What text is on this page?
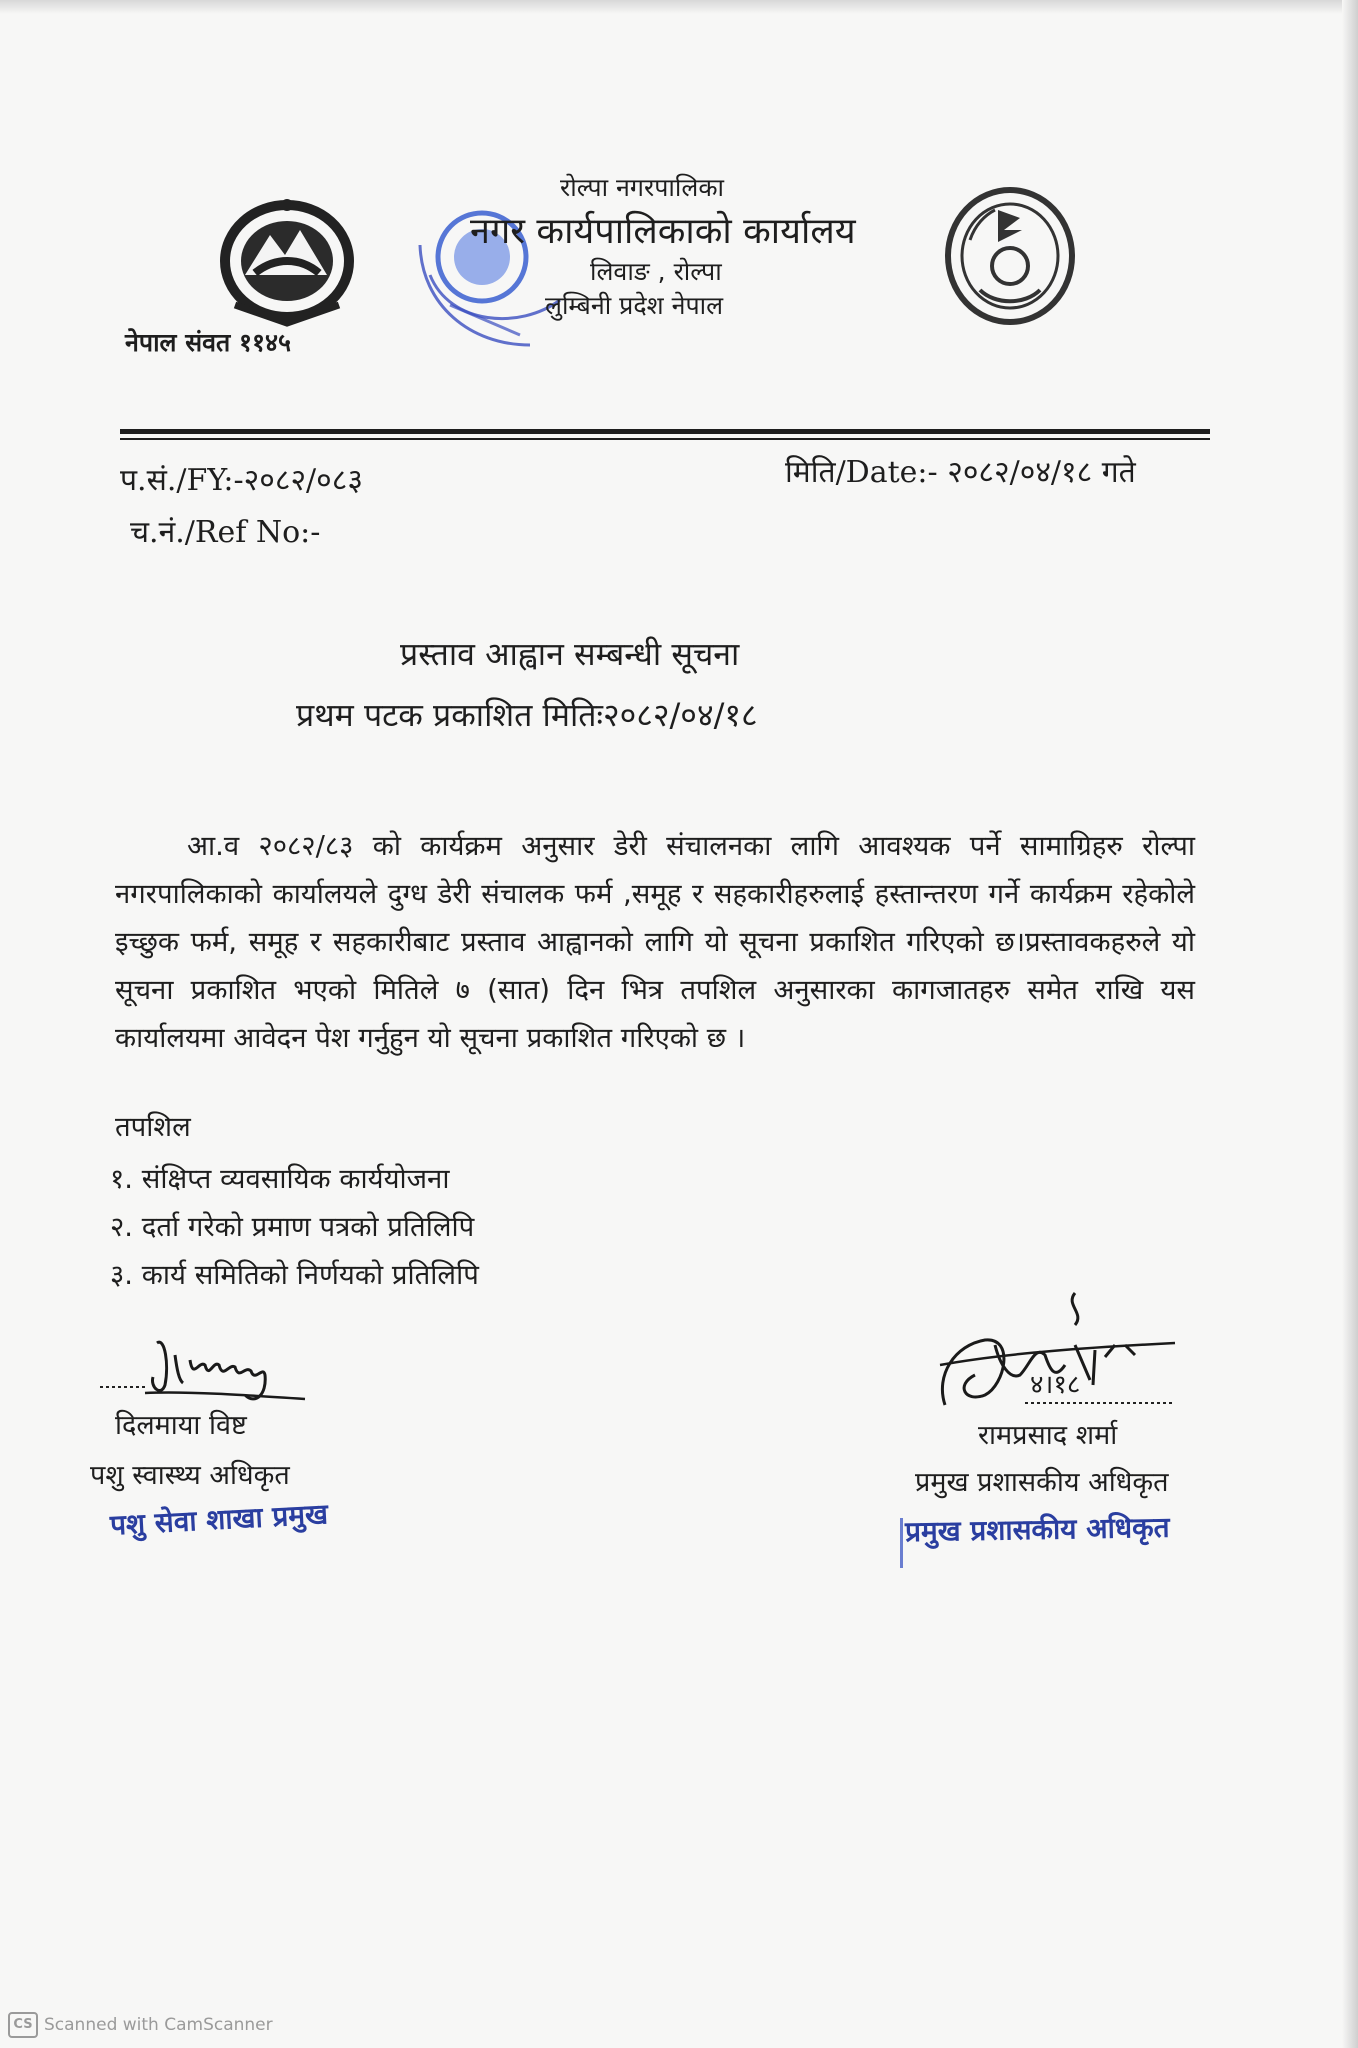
रोल्पा नगरपालिका
नगर कार्यपालिकाको कार्यालय
लिवाङ , रोल्पा
लुम्बिनी प्रदेश नेपाल
नेपाल संवत ११४५
प.सं./FY:-२०८२/०८३
च.नं./Ref No:-
मिति/Date:- २०८२/०४/१८ गते
प्रस्ताव आह्वान सम्बन्धी सूचना
प्रथम पटक प्रकाशित मितिः२०८२/०४/१८
आ.व २०८२/८३ को कार्यक्रम अनुसार डेरी संचालनका लागि आवश्यक पर्ने सामाग्रिहरु रोल्पा नगरपालिकाको कार्यालयले दुग्ध डेरी संचालक फर्म ,समूह र सहकारीहरुलाई हस्तान्तरण गर्ने कार्यक्रम रहेकोले इच्छुक फर्म, समूह र सहकारीबाट प्रस्ताव आह्वानको लागि यो सूचना प्रकाशित गरिएको छ।प्रस्तावकहरुले यो सूचना प्रकाशित भएको मितिले ७ (सात) दिन भित्र तपशिल अनुसारका कागजातहरु समेत राखि यस कार्यालयमा आवेदन पेश गर्नुहुन यो सूचना प्रकाशित गरिएको छ ।
तपशिल
१. संक्षिप्त व्यवसायिक कार्ययोजना
२. दर्ता गरेको प्रमाण पत्रको प्रतिलिपि
३. कार्य समितिको निर्णयको प्रतिलिपि
दिलमाया विष्ट
पशु स्वास्थ्य अधिकृत
पशु सेवा शाखा प्रमुख
४।१८
रामप्रसाद शर्मा
प्रमुख प्रशासकीय अधिकृत
प्रमुख प्रशासकीय अधिकृत
CS Scanned with CamScanner
